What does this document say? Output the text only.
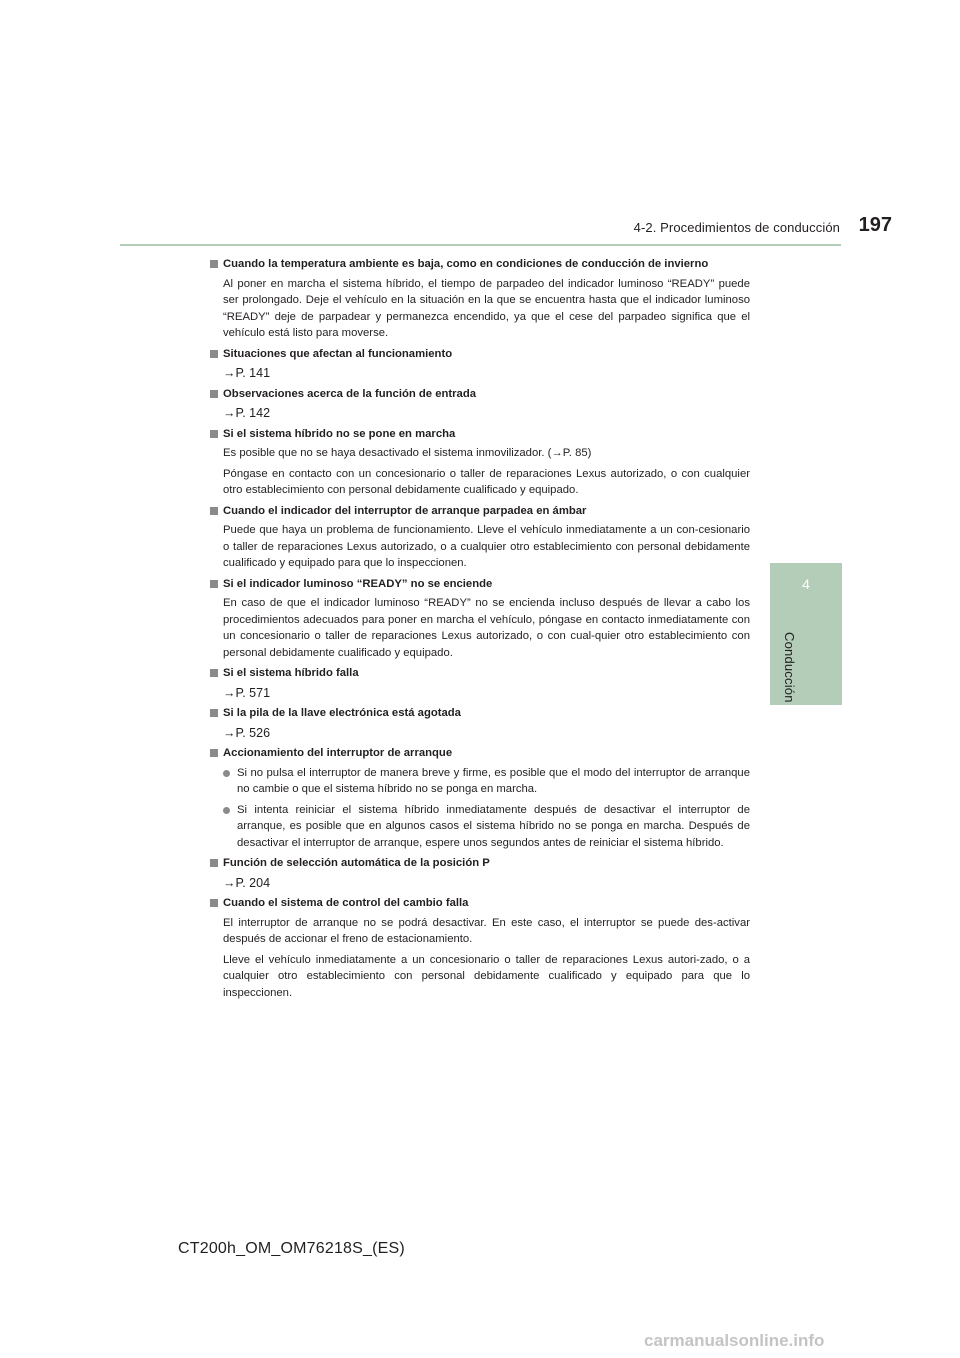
4-2. Procedimientos de conducción 197
4
Conducción
Cuando la temperatura ambiente es baja, como en condiciones de conducción de invierno
Al poner en marcha el sistema híbrido, el tiempo de parpadeo del indicador luminoso “READY” puede ser prolongado. Deje el vehículo en la situación en la que se encuentra hasta que el indicador luminoso “READY” deje de parpadear y permanezca encendido, ya que el cese del parpadeo significa que el vehículo está listo para moverse.
Situaciones que afectan al funcionamiento
→P. 141
Observaciones acerca de la función de entrada
→P. 142
Si el sistema híbrido no se pone en marcha
Es posible que no se haya desactivado el sistema inmovilizador. (→P. 85)
Póngase en contacto con un concesionario o taller de reparaciones Lexus autorizado, o con cualquier otro establecimiento con personal debidamente cualificado y equipado.
Cuando el indicador del interruptor de arranque parpadea en ámbar
Puede que haya un problema de funcionamiento. Lleve el vehículo inmediatamente a un con-cesionario o taller de reparaciones Lexus autorizado, o a cualquier otro establecimiento con personal debidamente cualificado y equipado para que lo inspeccionen.
Si el indicador luminoso “READY” no se enciende
En caso de que el indicador luminoso “READY” no se encienda incluso después de llevar a cabo los procedimientos adecuados para poner en marcha el vehículo, póngase en contacto inmediatamente con un concesionario o taller de reparaciones Lexus autorizado, o con cual-quier otro establecimiento con personal debidamente cualificado y equipado.
Si el sistema híbrido falla
→P. 571
Si la pila de la llave electrónica está agotada
→P. 526
Accionamiento del interruptor de arranque
Si no pulsa el interruptor de manera breve y firme, es posible que el modo del interruptor de arranque no cambie o que el sistema híbrido no se ponga en marcha.
Si intenta reiniciar el sistema híbrido inmediatamente después de desactivar el interruptor de arranque, es posible que en algunos casos el sistema híbrido no se ponga en marcha. Después de desactivar el interruptor de arranque, espere unos segundos antes de reiniciar el sistema híbrido.
Función de selección automática de la posición P
→P. 204
Cuando el sistema de control del cambio falla
El interruptor de arranque no se podrá desactivar. En este caso, el interruptor se puede des-activar después de accionar el freno de estacionamiento.
Lleve el vehículo inmediatamente a un concesionario o taller de reparaciones Lexus autori-zado, o a cualquier otro establecimiento con personal debidamente cualificado y equipado para que lo inspeccionen.
CT200h_OM_OM76218S_(ES)
carmanualsonline.info
